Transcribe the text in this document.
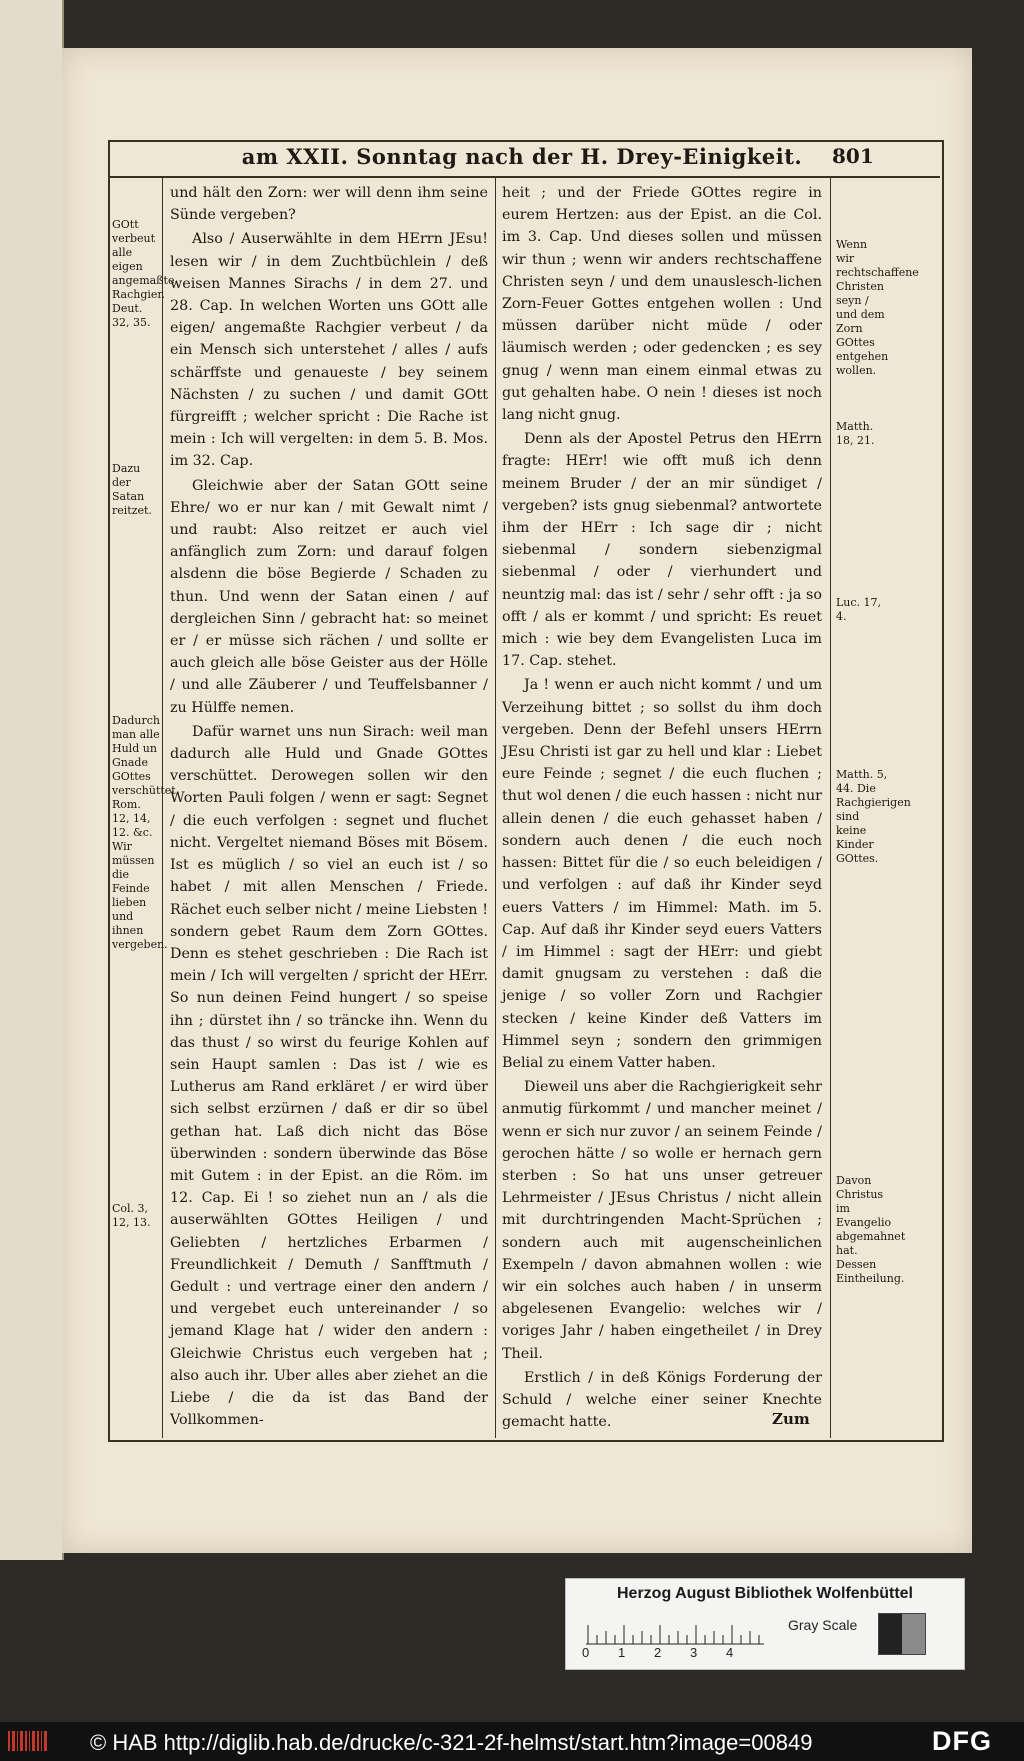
am XXII. Sonntag nach der H. Drey-Einigkeit.	801

und hält den Zorn: wer will denn ihm seine Sünde vergeben?

Also / Auserwählte in dem HErrn JEsu! lesen wir / in dem Zuchtbüchlein / deß weisen Mannes Sirachs / in dem 27. und 28. Cap. In welchen Worten uns GOtt alle eigen/ angemaßte Rachgier verbeut / da ein Mensch sich unterstehet / alles / aufs schärffste und genaueste / bey seinem Nächsten / zu suchen / und damit GOtt fürgreifft ; welcher spricht : Die Rache ist mein : Ich will vergelten: in dem 5. B. Mos. im 32. Cap.

Gleichwie aber der Satan GOtt seine Ehre/ wo er nur kan / mit Gewalt nimt / und raubt: Also reitzet er auch viel anfänglich zum Zorn: und darauf folgen alsdenn die böse Begierde / Schaden zu thun. Und wenn der Satan einen / auf dergleichen Sinn / gebracht hat: so meinet er / er müsse sich rächen / und sollte er auch gleich alle böse Geister aus der Hölle / und alle Zäuberer / und Teuffelsbanner / zu Hülffe nemen.

Dafür warnet uns nun Sirach: weil man dadurch alle Huld und Gnade GOttes verschüttet. Derowegen sollen wir den Worten Pauli folgen / wenn er sagt: Segnet / die euch verfolgen : segnet und fluchet nicht. Vergeltet niemand Böses mit Bösem. Ist es müglich / so viel an euch ist / so habet / mit allen Menschen / Friede. Rächet euch selber nicht / meine Liebsten ! sondern gebet Raum dem Zorn GOttes. Denn es stehet geschrieben : Die Rach ist mein / Ich will vergelten / spricht der HErr. So nun deinen Feind hungert / so speise ihn ; dürstet ihn / so träncke ihn. Wenn du das thust / so wirst du feurige Kohlen auf sein Haupt samlen : Das ist / wie es Lutherus am Rand erkläret / er wird über sich selbst erzürnen / daß er dir so übel gethan hat. Laß dich nicht das Böse überwinden : sondern überwinde das Böse mit Gutem : in der Epist. an die Röm. im 12. Cap. Ei ! so ziehet nun an / als die auserwählten GOttes Heiligen / und Geliebten / hertzliches Erbarmen / Freundlichkeit / Demuth / Sanfftmuth / Gedult : und vertrage einer den andern / und vergebet euch untereinander / so jemand Klage hat / wider den andern : Gleichwie Christus euch vergeben hat ; also auch ihr. Uber alles aber ziehet an die Liebe / die da ist das Band der Vollkommen-

heit ; und der Friede GOttes regire in eurem Hertzen: aus der Epist. an die Col. im 3. Cap. Und dieses sollen und müssen wir thun ; wenn wir anders rechtschaffene Christen seyn / und dem unauslesch-lichen Zorn-Feuer Gottes entgehen wollen : Und müssen darüber nicht müde / oder läumisch werden ; oder gedencken ; es sey gnug / wenn man einem einmal etwas zu gut gehalten habe. O nein ! dieses ist noch lang nicht gnug.

Denn als der Apostel Petrus den HErrn fragte: HErr! wie offt muß ich denn meinem Bruder / der an mir sündiget / vergeben? ists gnug siebenmal? antwortete ihm der HErr : Ich sage dir ; nicht siebenmal / sondern siebenzigmal siebenmal / oder / vierhundert und neuntzig mal: das ist / sehr / sehr offt : ja so offt / als er kommt / und spricht: Es reuet mich : wie bey dem Evangelisten Luca im 17. Cap. stehet.

Ja ! wenn er auch nicht kommt / und um Verzeihung bittet ; so sollst du ihm doch vergeben. Denn der Befehl unsers HErrn JEsu Christi ist gar zu hell und klar : Liebet eure Feinde ; segnet / die euch fluchen ; thut wol denen / die euch hassen : nicht nur allein denen / die euch gehasset haben / sondern auch denen / die euch noch hassen: Bittet für die / so euch beleidigen / und verfolgen : auf daß ihr Kinder seyd euers Vatters / im Himmel: Math. im 5. Cap. Auf daß ihr Kinder seyd euers Vatters / im Himmel : sagt der HErr: und giebt damit gnugsam zu verstehen : daß die jenige / so voller Zorn und Rachgier stecken / keine Kinder deß Vatters im Himmel seyn ; sondern den grimmigen Belial zu einem Vatter haben.

Dieweil uns aber die Rachgierigkeit sehr anmutig fürkommt / und mancher meinet / wenn er sich nur zuvor / an seinem Feinde / gerochen hätte / so wolle er hernach gern sterben : So hat uns unser getreuer Lehrmeister / JEsus Christus / nicht allein mit durchtringenden Macht-Sprüchen ; sondern auch mit augenscheinlichen Exempeln / davon abmahnen wollen : wie wir ein solches auch haben / in unserm abgelesenen Evangelio: welches wir / voriges Jahr / haben eingetheilet / in Drey Theil.

Erstlich / in deß Königs Forderung der Schuld / welche einer seiner Knechte gemacht hatte.

GOtt verbeut alle eigen angemaßte Rachgier. Deut. 32, 35.
Dazu der Satan reitzet.
Dadurch man alle Huld un Gnade GOttes verschüttet. Rom. 12, 14, 12. &c. Wir müssen die Feinde lieben und ihnen vergeben.
Col. 3, 12, 13.
Wenn wir rechtschaffene Christen seyn / und dem Zorn GOttes entgehen wollen.
Matth. 18, 21.
Luc. 17, 4.
Matth. 5, 44. Die Rachgierigen sind keine Kinder GOttes.
Davon Christus im Evangelio abgemahnet hat. Dessen Eintheilung.
Zum
Herzog August Bibliothek Wolfenbüttel
0 1 2 3 4
Gray Scale
© HAB http://diglib.hab.de/drucke/c-321-2f-helmst/start.htm?image=00849	DFG
